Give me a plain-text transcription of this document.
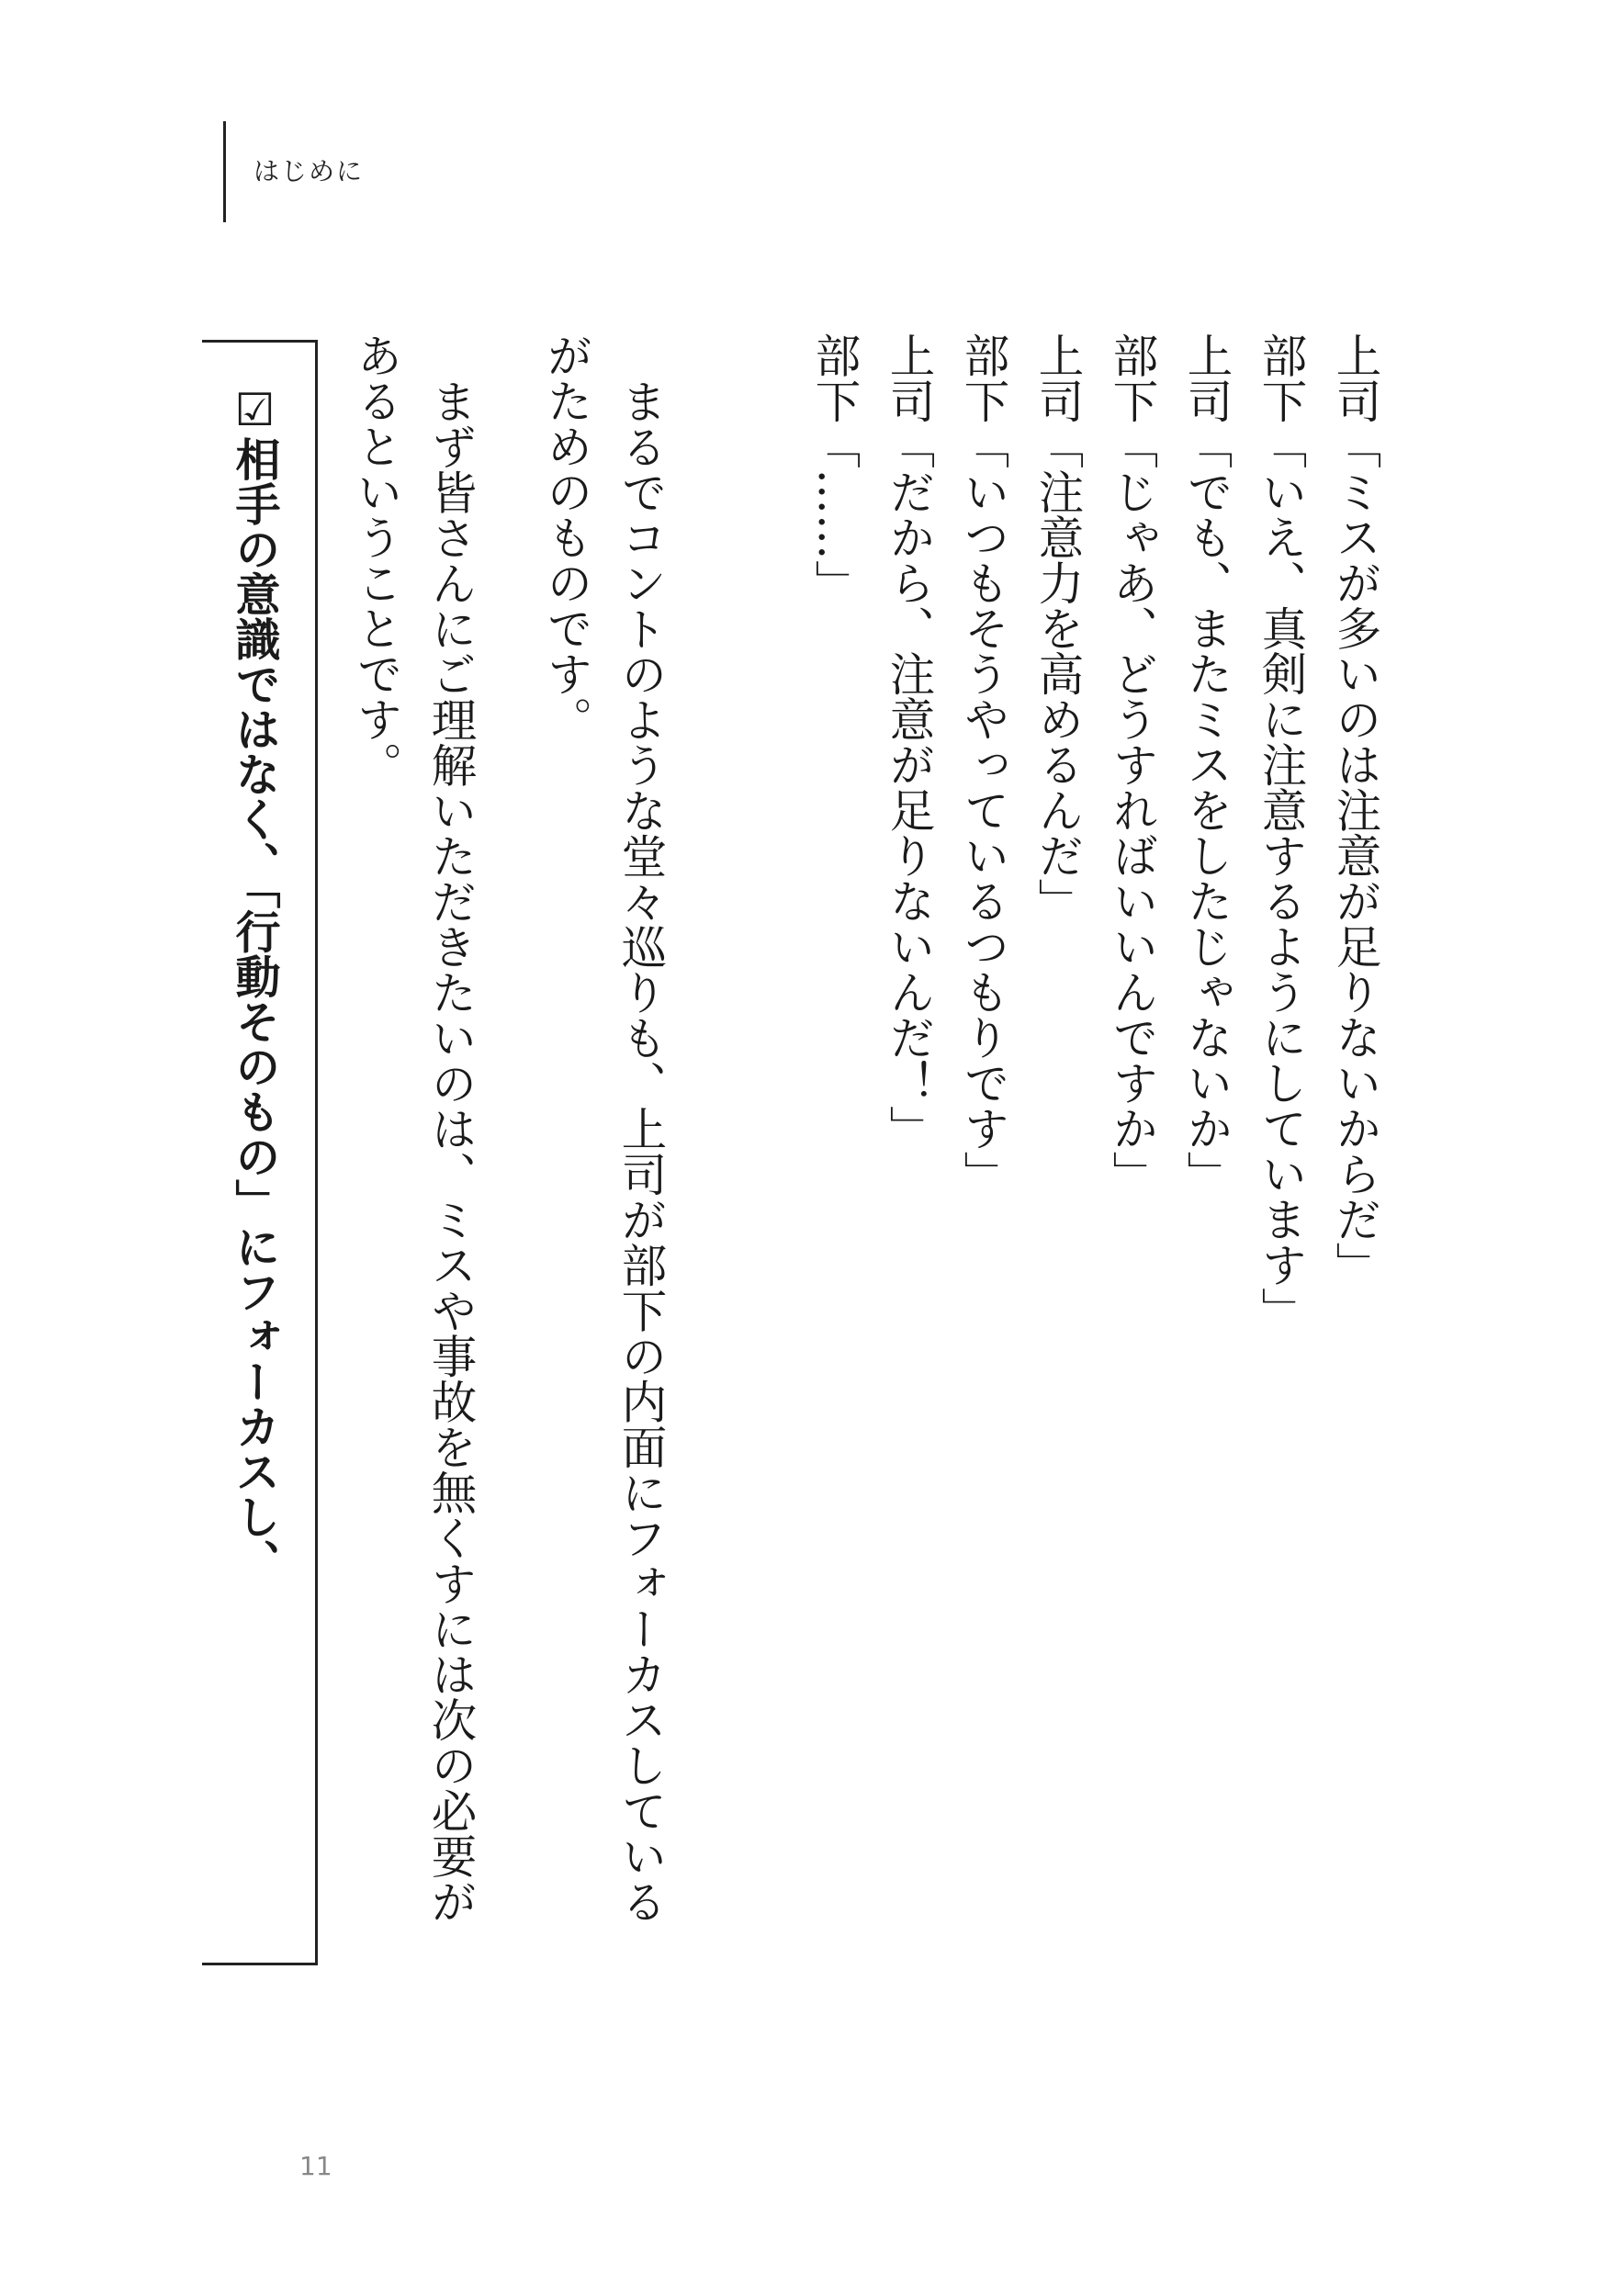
はじめに
上司「ミスが多いのは注意が足りないからだ」
部下「いえ、真剣に注意するようにしています」
上司「でも、またミスをしたじゃないか」
部下「じゃあ、どうすればいいんですか」
上司「注意力を高めるんだ」
部下「いつもそうやっているつもりです」
上司「だから、注意が足りないんだ！」
部下「……」
まるでコントのような堂々巡りも、上司が部下の内面にフォーカスしているがためのものです。
まず皆さんにご理解いただきたいのは、ミスや事故を無くすには次の必要があるということです。
☑相手の意識ではなく、「行動そのもの」にフォーカスし、
11
